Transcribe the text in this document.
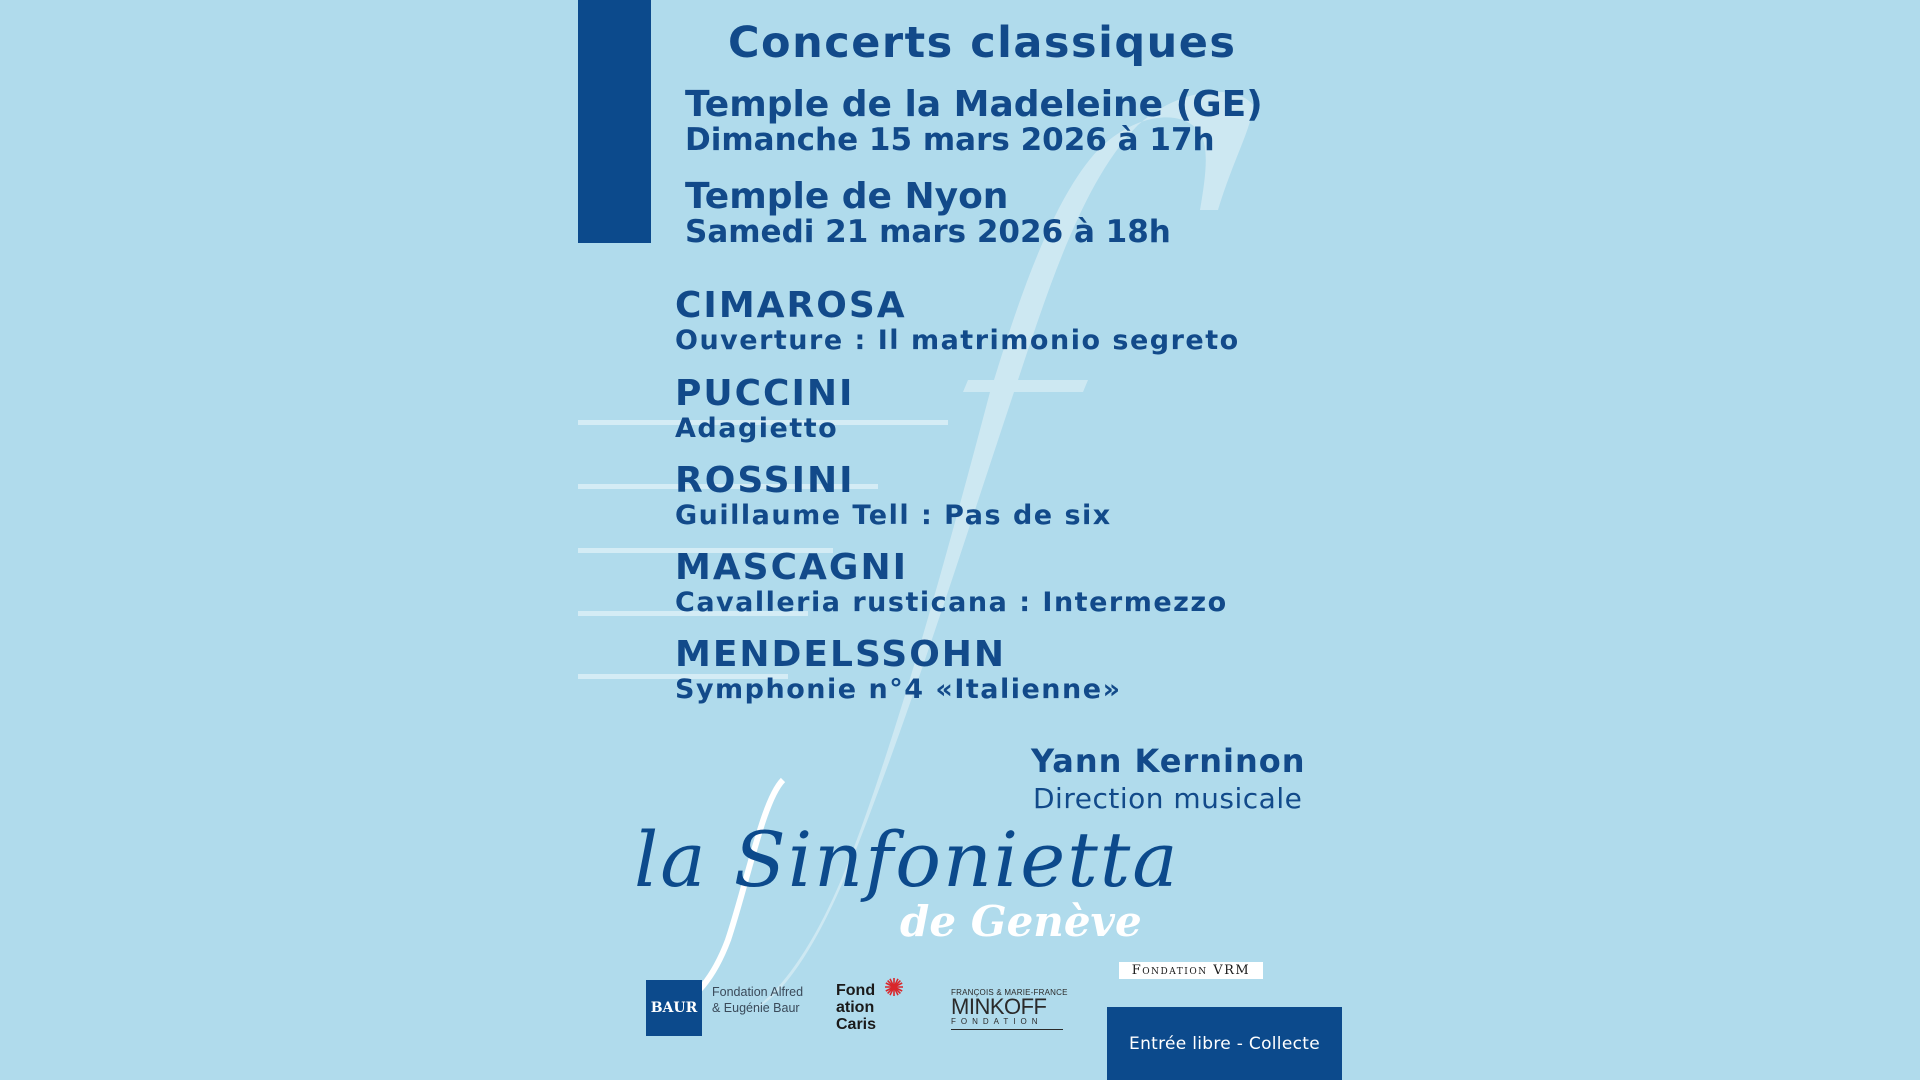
Concerts classiques
Temple de la Madeleine (GE)
Dimanche 15 mars 2026 à 17h
Temple de Nyon
Samedi 21 mars 2026 à 18h
CIMAROSA
Ouverture : Il matrimonio segreto
PUCCINI
Adagietto
ROSSINI
Guillaume Tell : Pas de six
MASCAGNI
Cavalleria rusticana : Intermezzo
MENDELSSOHN
Symphonie n°4 «Italienne»
Yann Kerninon
Direction musicale
la Sinfonietta
de Genève
BAUR
Fondation Alfred & Eugénie Baur
Fond ation Caris
FRANÇOIS & MARIE-FRANCE
MINKOFF
FONDATION
Fondation VRM
Entrée libre - Collecte
